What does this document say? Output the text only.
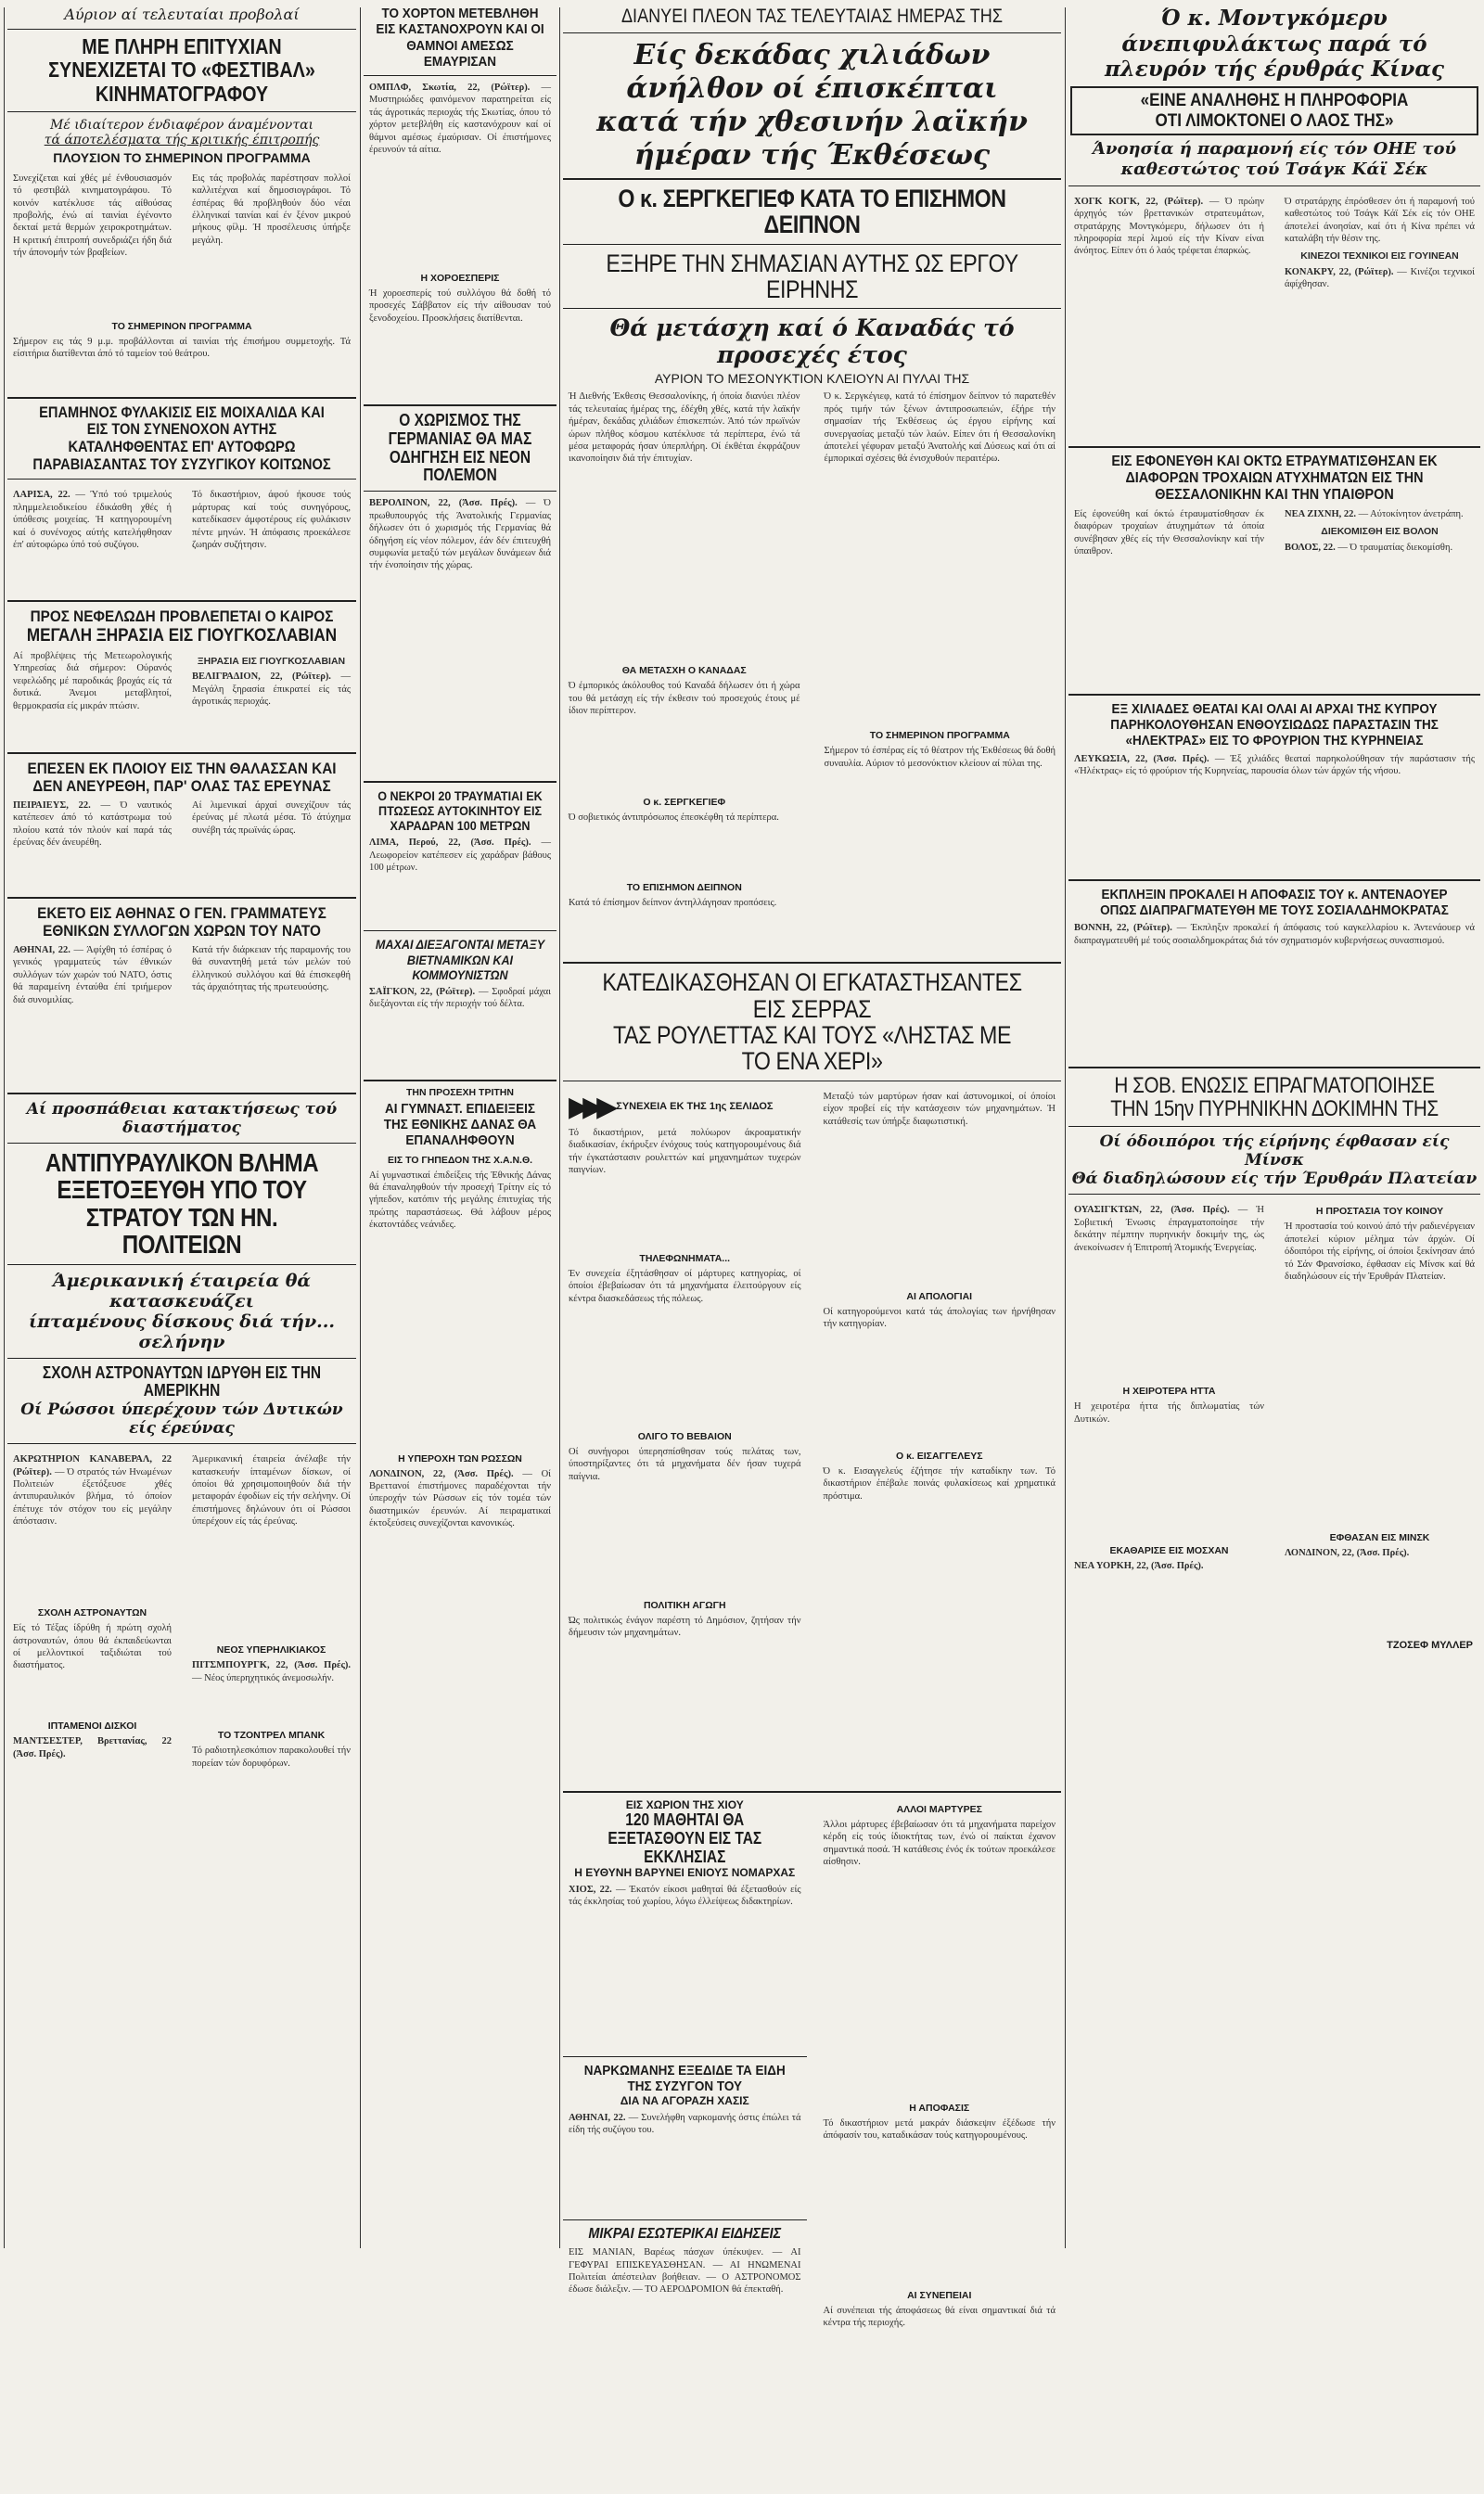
Αύριον αί τελευταίαι προβολαί
ΜΕ ΠΛΗΡΗ ΕΠΙΤΥΧΙΑΝ ΣΥΝΕΧΙΖΕΤΑΙ ΤΟ «ΦΕΣΤΙΒΑΛ» ΚΙΝΗΜΑΤΟΓΡΑΦΟΥ
Μέ ιδιαίτερον ένδιαφέρον άναμένονται
τά άποτελέσματα τής κριτικής έπιτροπής
ΠΛΟΥΣΙΟΝ ΤΟ ΣΗΜΕΡΙΝΟΝ ΠΡΟΓΡΑΜΜΑ
Συνεχίζεται καί χθές μέ ένθουσιασμόν τό φεστιβάλ κινηματογράφου. Τό κοινόν κατέκλυσε τάς αίθούσας προβολής, ένώ αί ταινίαι έγένοντο δεκταί μετά θερμών χειροκροτημάτων. Η κριτική έπιτροπή συνεδριάζει ήδη διά τήν άπονομήν τών βραβείων.
Εις τάς προβολάς παρέστησαν πολλοί καλλιτέχναι καί δημοσιογράφοι. Τό έσπέρας θά προβληθούν δύο νέαι έλληνικαί ταινίαι καί έν ξένον μικρού μήκους φίλμ. Ή προσέλευσις ύπήρξε μεγάλη.
ΤΟ ΣΗΜΕΡΙΝΟΝ ΠΡΟΓΡΑΜΜΑ
Σήμερον εις τάς 9 μ.μ. προβάλλονται αί ταινίαι τής έπισήμου συμμετοχής. Τά είσιτήρια διατίθενται άπό τό ταμείον τού θεάτρου.
ΕΠΑΜΗΝΟΣ ΦΥΛΑΚΙΣΙΣ ΕΙΣ ΜΟΙΧΑΛΙΔΑ ΚΑΙ ΕΙΣ ΤΟΝ ΣΥΝΕΝΟΧΟΝ ΑΥΤΗΣ ΚΑΤΑΛΗΦΘΕΝΤΑΣ ΕΠ' ΑΥΤΟΦΩΡΩ ΠΑΡΑΒΙΑΣΑΝΤΑΣ ΤΟΥ ΣΥΖΥΓΙΚΟΥ ΚΟΙΤΩΝΟΣ
ΛΑΡΙΣΑ, 22. — Ύπό τού τριμελούς πλημμελειοδικείου έδικάσθη χθές ή ύπόθεσις μοιχείας. Ή κατηγορουμένη καί ό συνένοχος αύτής κατελήφθησαν έπ' αύτοφώρω ύπό τού συζύγου.
Τό δικαστήριον, άφού ήκουσε τούς μάρτυρας καί τούς συνηγόρους, κατεδίκασεν άμφοτέρους είς φυλάκισιν πέντε μηνών. Ή άπόφασις προεκάλεσε ζωηράν συζήτησιν.
ΠΡΟΣ ΝΕΦΕΛΩΔΗ ΠΡΟΒΛΕΠΕΤΑΙ Ο ΚΑΙΡΟΣ
ΜΕΓΑΛΗ ΞΗΡΑΣΙΑ ΕΙΣ ΓΙΟΥΓΚΟΣΛΑΒΙΑΝ
Αί προβλέψεις τής Μετεωρολογικής Υπηρεσίας διά σήμερον: Ούρανός νεφελώδης μέ παροδικάς βροχάς είς τά δυτικά. Άνεμοι μεταβλητοί, θερμοκρασία είς μικράν πτώσιν.
ΞΗΡΑΣΙΑ ΕΙΣ ΓΙΟΥΓΚΟΣΛΑΒΙΑΝ
ΒΕΛΙΓΡΑΔΙΟΝ, 22, (Ρώϊτερ). — Μεγάλη ξηρασία έπικρατεί είς τάς άγροτικάς περιοχάς.
ΕΠΕΣΕΝ ΕΚ ΠΛΟΙΟΥ ΕΙΣ ΤΗΝ ΘΑΛΑΣΣΑΝ ΚΑΙ ΔΕΝ ΑΝΕΥΡΕΘΗ, ΠΑΡ' ΟΛΑΣ ΤΑΣ ΕΡΕΥΝΑΣ
ΠΕΙΡΑΙΕΥΣ, 22. — Ό ναυτικός κατέπεσεν άπό τό κατάστρωμα τού πλοίου κατά τόν πλούν καί παρά τάς έρεύνας δέν άνευρέθη.
Αί λιμενικαί άρχαί συνεχίζουν τάς έρεύνας μέ πλωτά μέσα. Τό άτύχημα συνέβη τάς πρωϊνάς ώρας.
ΕΚΕΤΟ ΕΙΣ ΑΘΗΝΑΣ Ο ΓΕΝ. ΓΡΑΜΜΑΤΕΥΣ ΕΘΝΙΚΩΝ ΣΥΛΛΟΓΩΝ ΧΩΡΩΝ ΤΟΥ ΝΑΤΟ
ΑΘΗΝΑΙ, 22. — Άφίχθη τό έσπέρας ό γενικός γραμματεύς τών έθνικών συλλόγων τών χωρών τού ΝΑΤΟ, όστις θά παραμείνη ένταύθα έπί τριήμερον διά συνομιλίας.
Κατά τήν διάρκειαν τής παραμονής του θά συναντηθή μετά τών μελών τού έλληνικού συλλόγου καί θά έπισκεφθή τάς άρχαιότητας τής πρωτευούσης.
Αί προσπάθειαι κατακτήσεως τού διαστήματος
ΑΝΤΙΠΥΡΑΥΛΙΚΟΝ ΒΛΗΜΑ ΕΞΕΤΟΞΕΥΘΗ ΥΠΟ ΤΟΥ ΣΤΡΑΤΟΥ ΤΩΝ ΗΝ. ΠΟΛΙΤΕΙΩΝ
Άμερικανική έταιρεία θά κατασκευάζει
ίπταμένους δίσκους διά τήν... σελήνην
ΣΧΟΛΗ ΑΣΤΡΟΝΑΥΤΩΝ ΙΔΡΥΘΗ ΕΙΣ ΤΗΝ ΑΜΕΡΙΚΗΝ
Οί Ρώσσοι ύπερέχουν τών Δυτικών είς έρεύνας
ΑΚΡΩΤΗΡΙΟΝ ΚΑΝΑΒΕΡΑΛ, 22 (Ρώϊτερ). — Ό στρατός τών Ηνωμένων Πολιτειών έξετόξευσε χθές άντιπυραυλικόν βλήμα, τό όποίον έπέτυχε τόν στόχον του είς μεγάλην άπόστασιν.
ΣΧΟΛΗ ΑΣΤΡΟΝΑΥΤΩΝ
Είς τό Τέξας ίδρύθη ή πρώτη σχολή άστροναυτών, όπου θά έκπαιδεύωνται οί μελλοντικοί ταξιδιώται τού διαστήματος.
ΙΠΤΑΜΕΝΟΙ ΔΙΣΚΟΙ
ΜΑΝΤΣΕΣΤΕΡ, Βρεττανίας, 22 (Άσσ. Πρές).
Άμερικανική έταιρεία άνέλαβε τήν κατασκευήν ίπταμένων δίσκων, οί όποίοι θά χρησιμοποιηθούν διά τήν μεταφοράν έφοδίων είς τήν σελήνην. Οί έπιστήμονες δηλώνουν ότι οί Ρώσσοι ύπερέχουν είς τάς έρεύνας.
ΝΕΟΣ ΥΠΕΡΗΛΙΚΙΑΚΟΣ
ΠΙΤΣΜΠΟΥΡΓΚ, 22, (Άσσ. Πρές). — Νέος ύπερηχητικός άνεμοσωλήν.
ΤΟ ΤΖΟΝΤΡΕΛ ΜΠΑΝΚ
Τό ραδιοτηλεσκόπιον παρακολουθεί τήν πορείαν τών δορυφόρων.
ΤΟ ΧΟΡΤΟΝ ΜΕΤΕΒΛΗΘΗ ΕΙΣ ΚΑΣΤΑΝΟΧΡΟΥΝ ΚΑΙ ΟΙ ΘΑΜΝΟΙ ΑΜΕΣΩΣ ΕΜΑΥΡΙΣΑΝ
ΟΜΠΛΦ, Σκωτία, 22, (Ρώϊτερ). — Μυστηριώδες φαινόμενον παρατηρείται είς τάς άγροτικάς περιοχάς τής Σκωτίας, όπου τό χόρτον μετεβλήθη είς καστανόχρουν καί οί θάμνοι αμέσως έμαύρισαν. Οί έπιστήμονες έρευνούν τά αίτια.
Η ΧΟΡΟΕΣΠΕΡΙΣ
Ή χοροεσπερίς τού συλλόγου θά δοθή τό προσεχές Σάββατον είς τήν αίθουσαν τού ξενοδοχείου. Προσκλήσεις διατίθενται.
Ο ΧΩΡΙΣΜΟΣ ΤΗΣ ΓΕΡΜΑΝΙΑΣ ΘΑ ΜΑΣ ΟΔΗΓΗΣΗ ΕΙΣ ΝΕΟΝ ΠΟΛΕΜΟΝ
ΒΕΡΟΛΙΝΟΝ, 22, (Άσσ. Πρές). — Ό πρωθυπουργός τής Άνατολικής Γερμανίας δήλωσεν ότι ό χωρισμός τής Γερμανίας θά όδηγήση είς νέον πόλεμον, έάν δέν έπιτευχθή συμφωνία μεταξύ τών μεγάλων δυνάμεων διά τήν ένοποίησιν τής χώρας.
Ο ΝΕΚΡΟΙ 20 ΤΡΑΥΜΑΤΙΑΙ ΕΚ ΠΤΩΣΕΩΣ ΑΥΤΟΚΙΝΗΤΟΥ ΕΙΣ ΧΑΡΑΔΡΑΝ 100 ΜΕΤΡΩΝ
ΛΙΜΑ, Περού, 22, (Άσσ. Πρές). — Λεωφορείον κατέπεσεν είς χαράδραν βάθους 100 μέτρων.
ΜΑΧΑΙ ΔΙΕΞΑΓΟΝΤΑΙ ΜΕΤΑΞΥ ΒΙΕΤΝΑΜΙΚΩΝ ΚΑΙ ΚΟΜΜΟΥΝΙΣΤΩΝ
ΣΑΪΓΚΟΝ, 22, (Ρώϊτερ). — Σφοδραί μάχαι διεξάγονται είς τήν περιοχήν τού δέλτα.
ΤΗΝ ΠΡΟΣΕΧΗ ΤΡΙΤΗΝ
ΑΙ ΓΥΜΝΑΣΤ. ΕΠΙΔΕΙΞΕΙΣ ΤΗΣ ΕΘΝΙΚΗΣ ΔΑΝΑΣ ΘΑ ΕΠΑΝΑΛΗΦΘΟΥΝ
ΕΙΣ ΤΟ ΓΗΠΕΔΟΝ ΤΗΣ Χ.Α.Ν.Θ.
Αί γυμναστικαί έπιδείξεις τής Έθνικής Δάνας θά έπαναληφθούν τήν προσεχή Τρίτην είς τό γήπεδον, κατόπιν τής μεγάλης έπιτυχίας τής πρώτης παραστάσεως. Θά λάβουν μέρος έκατοντάδες νεάνιδες.
Η ΥΠΕΡΟΧΗ ΤΩΝ ΡΩΣΣΩΝ
ΛΟΝΔΙΝΟΝ, 22, (Άσσ. Πρές). — Οί Βρεττανοί έπιστήμονες παραδέχονται τήν ύπεροχήν τών Ρώσσων είς τόν τομέα τών διαστημικών έρευνών. Αί πειραματικαί έκτοξεύσεις συνεχίζονται κανονικώς.
ΔΙΑΝΥΕΙ ΠΛΕΟΝ ΤΑΣ ΤΕΛΕΥΤΑΙΑΣ ΗΜΕΡΑΣ ΤΗΣ
Είς δεκάδας χιλιάδων άνήλθον οί έπισκέπται
κατά τήν χθεσινήν λαϊκήν ήμέραν τής Έκθέσεως
Ο κ. ΣΕΡΓΚΕΓΙΕΦ ΚΑΤΑ ΤΟ ΕΠΙΣΗΜΟΝ ΔΕΙΠΝΟΝ
ΕΞΗΡΕ ΤΗΝ ΣΗΜΑΣΙΑΝ ΑΥΤΗΣ ΩΣ ΕΡΓΟΥ ΕΙΡΗΝΗΣ
Θά μετάσχη καί ό Καναδάς τό προσεχές έτος
ΑΥΡΙΟΝ ΤΟ ΜΕΣΟΝΥΚΤΙΟΝ ΚΛΕΙΟΥΝ ΑΙ ΠΥΛΑΙ ΤΗΣ
Ή Διεθνής Έκθεσις Θεσσαλονίκης, ή όποία διανύει πλέον τάς τελευταίας ήμέρας της, έδέχθη χθές, κατά τήν λαϊκήν ήμέραν, δεκάδας χιλιάδων έπισκεπτών. Άπό τών πρωϊνών ώρων πλήθος κόσμου κατέκλυσε τά περίπτερα, ένώ τά μέσα μεταφοράς ήσαν ύπερπλήρη. Οί έκθέται έκφράζουν ικανοποίησιν διά τήν έπιτυχίαν.
ΘΑ ΜΕΤΑΣΧΗ Ο ΚΑΝΑΔΑΣ
Ό έμπορικός άκόλουθος τού Καναδά δήλωσεν ότι ή χώρα του θά μετάσχη είς τήν έκθεσιν τού προσεχούς έτους μέ ίδιον περίπτερον.
Ο κ. ΣΕΡΓΚΕΓΙΕΦ
Ό σοβιετικός άντιπρόσωπος έπεσκέφθη τά περίπτερα.
ΤΟ ΕΠΙΣΗΜΟΝ ΔΕΙΠΝΟΝ
Κατά τό έπίσημον δείπνον άντηλλάγησαν προπόσεις.
Ό κ. Σεργκέγιεφ, κατά τό έπίσημον δείπνον τό παρατεθέν πρός τιμήν τών ξένων άντιπροσωπειών, έξήρε τήν σημασίαν τής Έκθέσεως ώς έργου είρήνης καί συνεργασίας μεταξύ τών λαών. Είπεν ότι ή Θεσσαλονίκη άποτελεί γέφυραν μεταξύ Άνατολής καί Δύσεως καί ότι αί έμπορικαί σχέσεις θά ένισχυθούν περαιτέρω.
ΤΟ ΣΗΜΕΡΙΝΟΝ ΠΡΟΓΡΑΜΜΑ
Σήμερον τό έσπέρας είς τό θέατρον τής Έκθέσεως θά δοθή συναυλία. Αύριον τό μεσονύκτιον κλείουν αί πύλαι της.
ΚΑΤΕΔΙΚΑΣΘΗΣΑΝ ΟΙ ΕΓΚΑΤΑΣΤΗΣΑΝΤΕΣ ΕΙΣ ΣΕΡΡΑΣ
ΤΑΣ ΡΟΥΛΕΤΤΑΣ ΚΑΙ ΤΟΥΣ «ΛΗΣΤΑΣ ΜΕ ΤΟ ΕΝΑ ΧΕΡΙ»
▶▶▶ ΣΥΝΕΧΕΙΑ ΕΚ ΤΗΣ 1ης ΣΕΛΙΔΟΣ
Τό δικαστήριον, μετά πολύωρον άκροαματικήν διαδικασίαν, έκήρυξεν ένόχους τούς κατηγορουμένους διά τήν έγκατάστασιν ρουλεττών καί μηχανημάτων τυχερών παιγνίων.
ΤΗΛΕΦΩΝΗΜΑΤΑ...
Έν συνεχεία έξητάσθησαν οί μάρτυρες κατηγορίας, οί όποίοι έβεβαίωσαν ότι τά μηχανήματα έλειτούργουν είς κέντρα διασκεδάσεως τής πόλεως.
ΟΛΙΓΟ ΤΟ ΒΕΒΑΙΟΝ
Οί συνήγοροι ύπερησπίσθησαν τούς πελάτας των, ύποστηρίξαντες ότι τά μηχανήματα δέν ήσαν τυχερά παίγνια.
ΠΟΛΙΤΙΚΗ ΑΓΩΓΗ
Ώς πολιτικώς ένάγον παρέστη τό Δημόσιον, ζητήσαν τήν δήμευσιν τών μηχανημάτων.
Μεταξύ τών μαρτύρων ήσαν καί άστυνομικοί, οί όποίοι είχον προβεί είς τήν κατάσχεσιν τών μηχανημάτων. Ή κατάθεσίς των ύπήρξε διαφωτιστική.
ΑΙ ΑΠΟΛΟΓΙΑΙ
Οί κατηγορούμενοι κατά τάς άπολογίας των ήρνήθησαν τήν κατηγορίαν.
Ο κ. ΕΙΣΑΓΓΕΛΕΥΣ
Ό κ. Εισαγγελεύς έζήτησε τήν καταδίκην των. Τό δικαστήριον έπέβαλε ποινάς φυλακίσεως καί χρηματικά πρόστιμα.
ΕΙΣ ΧΩΡΙΟΝ ΤΗΣ ΧΙΟΥ
120 ΜΑΘΗΤΑΙ ΘΑ ΕΞΕΤΑΣΘΟΥΝ ΕΙΣ ΤΑΣ ΕΚΚΛΗΣΙΑΣ
Η ΕΥΘΥΝΗ ΒΑΡΥΝΕΙ ΕΝΙΟΥΣ ΝΟΜΑΡΧΑΣ
ΧΙΟΣ, 22. — Έκατόν είκοσι μαθηταί θά έξετασθούν είς τάς έκκλησίας τού χωρίου, λόγω έλλείψεως διδακτηρίων.
ΝΑΡΚΩΜΑΝΗΣ ΕΞΕΔΙΔΕ ΤΑ ΕΙΔΗ ΤΗΣ ΣΥΖΥΓΟΝ ΤΟΥ
ΔΙΑ ΝΑ ΑΓΟΡΑΖΗ ΧΑΣΙΣ
ΑΘΗΝΑΙ, 22. — Συνελήφθη ναρκομανής όστις έπώλει τά είδη τής συζύγου του.
ΜΙΚΡΑΙ ΕΣΩΤΕΡΙΚΑΙ ΕΙΔΗΣΕΙΣ
ΕΙΣ ΜΑΝΙΑΝ, Βαρέως πάσχων ύπέκυψεν. — ΑΙ ΓΕΦΥΡΑΙ ΕΠΙΣΚΕΥΑΣΘΗΣΑΝ. — ΑΙ ΗΝΩΜΕΝΑΙ Πολιτείαι άπέστειλαν βοήθειαν. — Ο ΑΣΤΡΟΝΟΜΟΣ έδωσε διάλεξιν. — ΤΟ ΑΕΡΟΔΡΟΜΙΟΝ θά έπεκταθή.
ΑΛΛΟΙ ΜΑΡΤΥΡΕΣ
Άλλοι μάρτυρες έβεβαίωσαν ότι τά μηχανήματα παρείχον κέρδη είς τούς ίδιοκτήτας των, ένώ οί παίκται έχανον σημαντικά ποσά. Ή κατάθεσις ένός έκ τούτων προεκάλεσε αίσθησιν.
Η ΑΠΟΦΑΣΙΣ
Τό δικαστήριον μετά μακράν διάσκεψιν έξέδωσε τήν άπόφασίν του, καταδικάσαν τούς κατηγορουμένους.
ΑΙ ΣΥΝΕΠΕΙΑΙ
Αί συνέπειαι τής άποφάσεως θά είναι σημαντικαί διά τά κέντρα τής περιοχής.
Ό κ. Μοντγκόμερυ άνεπιφυλάκτως παρά τό πλευρόν τής έρυθράς Κίνας
«ΕΙΝΕ ΑΝΑΛΗΘΗΣ Η ΠΛΗΡΟΦΟΡΙΑ
ΟΤΙ ΛΙΜΟΚΤΟΝΕΙ Ο ΛΑΟΣ ΤΗΣ»
Άνοησία ή παραμονή είς τόν ΟΗΕ τού καθεστώτος τού Τσάγκ Κάϊ Σέκ
ΧΟΓΚ ΚΟΓΚ, 22, (Ρώϊτερ). — Ό πρώην άρχηγός τών βρεττανικών στρατευμάτων, στρατάρχης Μοντγκόμερυ, δήλωσεν ότι ή πληροφορία περί λιμού είς τήν Κίναν είναι άνόητος. Είπεν ότι ό λαός τρέφεται έπαρκώς.
Ό στρατάρχης έπρόσθεσεν ότι ή παραμονή τού καθεστώτος τού Τσάγκ Κάϊ Σέκ είς τόν ΟΗΕ άποτελεί άνοησίαν, καί ότι ή Κίνα πρέπει νά καταλάβη τήν θέσιν της.
ΚΙΝΕΖΟΙ ΤΕΧΝΙΚΟΙ ΕΙΣ ΓΟΥΙΝΕΑΝ
ΚΟΝΑΚΡΥ, 22, (Ρώϊτερ). — Κινέζοι τεχνικοί άφίχθησαν.
ΕΙΣ ΕΦΟΝΕΥΘΗ ΚΑΙ ΟΚΤΩ ΕΤΡΑΥΜΑΤΙΣΘΗΣΑΝ ΕΚ ΔΙΑΦΟΡΩΝ ΤΡΟΧΑΙΩΝ ΑΤΥΧΗΜΑΤΩΝ ΕΙΣ ΤΗΝ ΘΕΣΣΑΛΟΝΙΚΗΝ ΚΑΙ ΤΗΝ ΥΠΑΙΘΡΟΝ
Είς έφονεύθη καί όκτώ έτραυματίσθησαν έκ διαφόρων τροχαίων άτυχημάτων τά όποία συνέβησαν χθές είς τήν Θεσσαλονίκην καί τήν ύπαιθρον.
ΝΕΑ ΖΙΧΝΗ, 22. — Αύτοκίνητον άνετράπη.
ΔΙΕΚΟΜΙΣΘΗ ΕΙΣ ΒΟΛΟΝ
ΒΟΛΟΣ, 22. — Ό τραυματίας διεκομίσθη.
ΕΞ ΧΙΛΙΑΔΕΣ ΘΕΑΤΑΙ ΚΑΙ ΟΛΑΙ ΑΙ ΑΡΧΑΙ ΤΗΣ ΚΥΠΡΟΥ ΠΑΡΗΚΟΛΟΥΘΗΣΑΝ ΕΝΘΟΥΣΙΩΔΩΣ ΠΑΡΑΣΤΑΣΙΝ ΤΗΣ «ΗΛΕΚΤΡΑΣ» ΕΙΣ ΤΟ ΦΡΟΥΡΙΟΝ ΤΗΣ ΚΥΡΗΝΕΙΑΣ
ΛΕΥΚΩΣΙΑ, 22, (Άσσ. Πρές). — Έξ χιλιάδες θεαταί παρηκολούθησαν τήν παράστασιν τής «Ήλέκτρας» είς τό φρούριον τής Κυρηνείας, παρουσία όλων τών άρχών τής νήσου.
ΕΚΠΛΗΞΙΝ ΠΡΟΚΑΛΕΙ Η ΑΠΟΦΑΣΙΣ ΤΟΥ κ. ΑΝΤΕΝΑΟΥΕΡ ΟΠΩΣ ΔΙΑΠΡΑΓΜΑΤΕΥΘΗ ΜΕ ΤΟΥΣ ΣΟΣΙΑΛΔΗΜΟΚΡΑΤΑΣ
ΒΟΝΝΗ, 22, (Ρώϊτερ). — Έκπληξιν προκαλεί ή άπόφασις τού καγκελλαρίου κ. Άντενάουερ νά διαπραγματευθή μέ τούς σοσιαλδημοκράτας διά τόν σχηματισμόν κυβερνήσεως συνασπισμού.
Η ΣΟΒ. ΕΝΩΣΙΣ ΕΠΡΑΓΜΑΤΟΠΟΙΗΣΕ ΤΗΝ 15ην ΠΥΡΗΝΙΚΗΝ ΔΟΚΙΜΗΝ ΤΗΣ
Οί όδοιπόροι τής είρήνης έφθασαν είς Μίνσκ
Θά διαδηλώσουν είς τήν Έρυθράν Πλατείαν
ΟΥΑΣΙΓΚΤΩΝ, 22, (Άσσ. Πρές). — Ή Σοβιετική Ένωσις έπραγματοποίησε τήν δεκάτην πέμπτην πυρηνικήν δοκιμήν της, ώς άνεκοίνωσεν ή Έπιτροπή Άτομικής Ένεργείας.
Η ΧΕΙΡΟΤΕΡΑ ΗΤΤΑ
Η χειροτέρα ήττα τής διπλωματίας τών Δυτικών.
ΕΚΑΘΑΡΙΣΕ ΕΙΣ ΜΟΣΧΑΝ
ΝΕΑ ΥΟΡΚΗ, 22, (Άσσ. Πρές).
Η ΠΡΟΣΤΑΣΙΑ ΤΟΥ ΚΟΙΝΟΥ
Ή προστασία τού κοινού άπό τήν ραδιενέργειαν άποτελεί κύριον μέλημα τών άρχών. Οί όδοιπόροι τής είρήνης, οί όποίοι ξεκίνησαν άπό τό Σάν Φρανσίσκο, έφθασαν είς Μίνσκ καί θά διαδηλώσουν είς τήν Έρυθράν Πλατείαν.
ΕΦΘΑΣΑΝ ΕΙΣ ΜΙΝΣΚ
ΛΟΝΔΙΝΟΝ, 22, (Άσσ. Πρές).
ΤΖΟΣΕΦ ΜΥΛΛΕΡ
